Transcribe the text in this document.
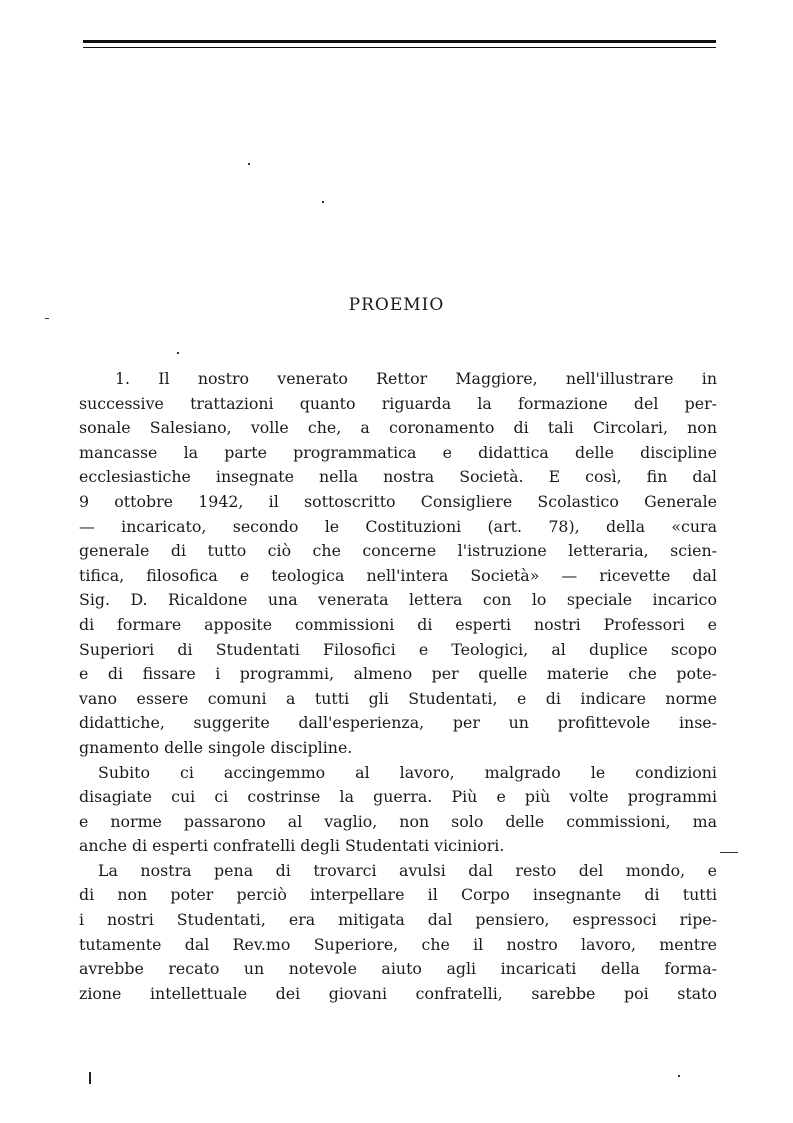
PROEMIO
1. Il nostro venerato Rettor Maggiore, nell'illustrare in
successive trattazioni quanto riguarda la formazione del per-
sonale Salesiano, volle che, a coronamento di tali Circolari, non
mancasse la parte programmatica e didattica delle discipline
ecclesiastiche insegnate nella nostra Società. E così, fin dal
9 ottobre 1942, il sottoscritto Consigliere Scolastico Generale
— incaricato, secondo le Costituzioni (art. 78), della «cura
generale di tutto ciò che concerne l'istruzione letteraria, scien-
tifica, filosofica e teologica nell'intera Società» — ricevette dal
Sig. D. Ricaldone una venerata lettera con lo speciale incarico
di formare apposite commissioni di esperti nostri Professori e
Superiori di Studentati Filosofici e Teologici, al duplice scopo
e di fissare i programmi, almeno per quelle materie che pote-
vano essere comuni a tutti gli Studentati, e di indicare norme
didattiche, suggerite dall'esperienza, per un profittevole inse-
gnamento delle singole discipline.
Subito ci accingemmo al lavoro, malgrado le condizioni
disagiate cui ci costrinse la guerra. Più e più volte programmi
e norme passarono al vaglio, non solo delle commissioni, ma
anche di esperti confratelli degli Studentati viciniori.
La nostra pena di trovarci avulsi dal resto del mondo, e
di non poter perciò interpellare il Corpo insegnante di tutti
i nostri Studentati, era mitigata dal pensiero, espressoci ripe-
tutamente dal Rev.mo Superiore, che il nostro lavoro, mentre
avrebbe recato un notevole aiuto agli incaricati della forma-
zione intellettuale dei giovani confratelli, sarebbe poi stato
